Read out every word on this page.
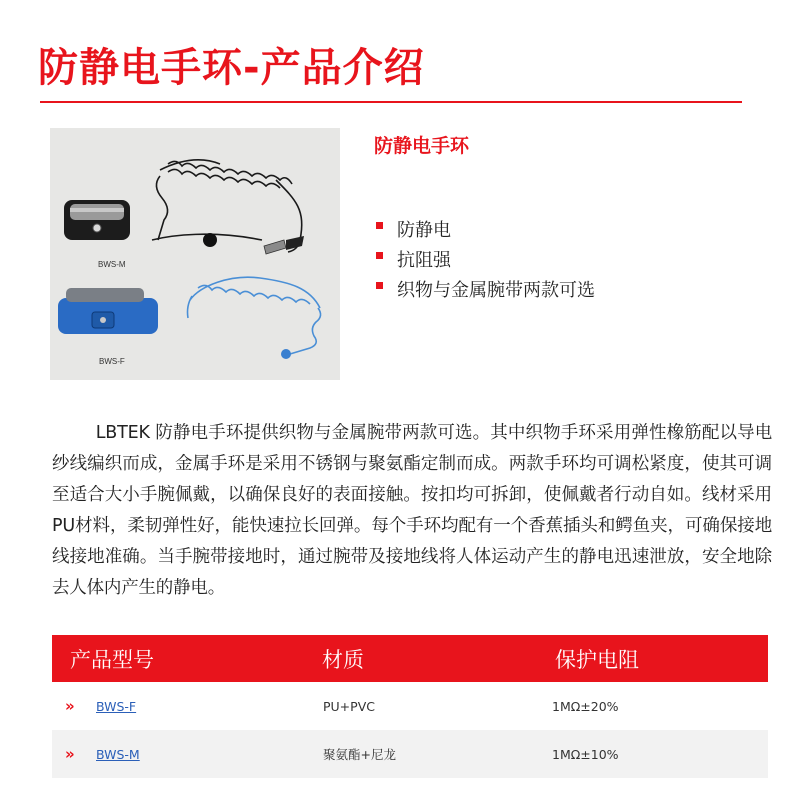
防静电手环-产品介绍
BWS-M
BWS-F
防静电手环
防静电
抗阻强
织物与金属腕带两款可选
LBTEK 防静电手环提供织物与金属腕带两款可选。其中织物手环采用弹性橡筋配以导电纱线编织而成，金属手环是采用不锈钢与聚氨酯定制而成。两款手环均可调松紧度，使其可调至适合大小手腕佩戴，以确保良好的表面接触。按扣均可拆卸，使佩戴者行动自如。线材采用PU材料，柔韧弹性好，能快速拉长回弹。每个手环均配有一个香蕉插头和鳄鱼夹，可确保接地线接地准确。当手腕带接地时，通过腕带及接地线将人体运动产生的静电迅速泄放，安全地除去人体内产生的静电。
产品型号	材质	保护电阻
» BWS-F	PU+PVC	1MΩ±20%
» BWS-M	聚氨酯+尼龙	1MΩ±10%
